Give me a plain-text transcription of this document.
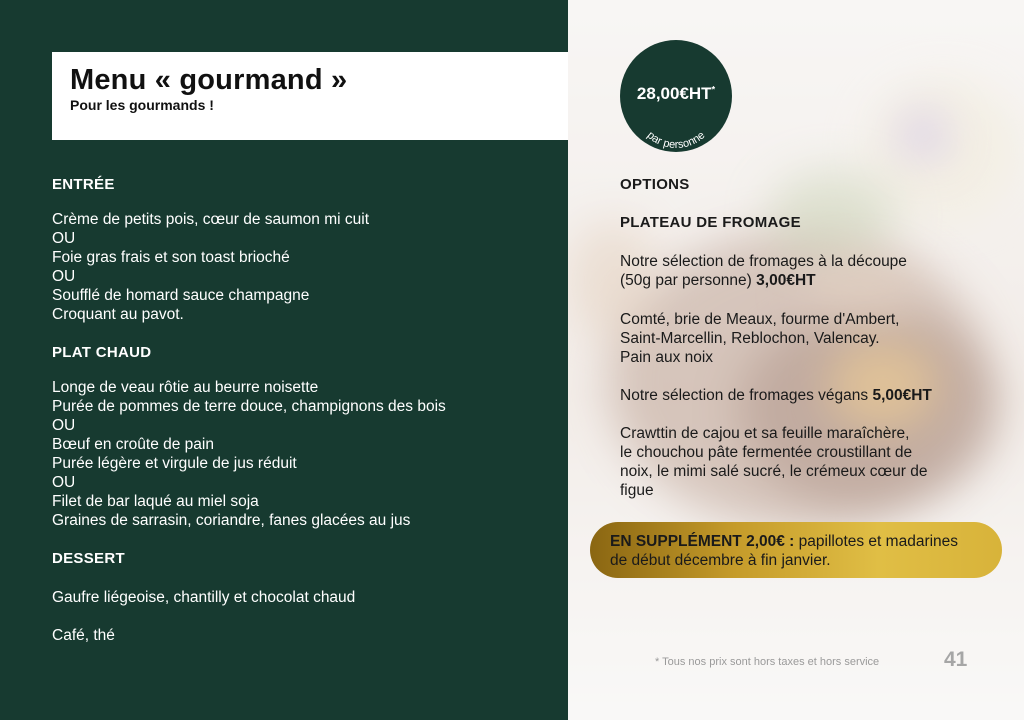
Menu « gourmand »

Pour les gourmands !

ENTRÉE
Crème de petits pois, cœur de saumon mi cuit
OU
Foie gras frais et son toast brioché
OU
Soufflé de homard sauce champagne
Croquant au pavot.
PLAT CHAUD
Longe de veau rôtie au beurre noisette
Purée de pommes de terre douce, champignons des bois
OU
Bœuf en croûte de pain
Purée légère et virgule de jus réduit
OU
Filet de bar laqué au miel soja
Graines de sarrasin, coriandre, fanes glacées au jus
DESSERT
Gaufre liégeoise, chantilly et chocolat chaud
Café, thé
28,00€HT*
par personne
OPTIONS
PLATEAU DE FROMAGE
Notre sélection de fromages à la découpe
(50g par personne) 3,00€HT
Comté, brie de Meaux, fourme d'Ambert,
Saint-Marcellin, Reblochon, Valencay.
Pain aux noix
Notre sélection de fromages végans 5,00€HT
Crawttin de cajou et sa feuille maraîchère,
le chouchou pâte fermentée croustillant de
noix, le mimi salé sucré, le crémeux cœur de
figue
EN SUPPLÉMENT 2,00€ : papillotes et madarines
de début décembre à fin janvier.
* Tous nos prix sont hors taxes et hors service	41
